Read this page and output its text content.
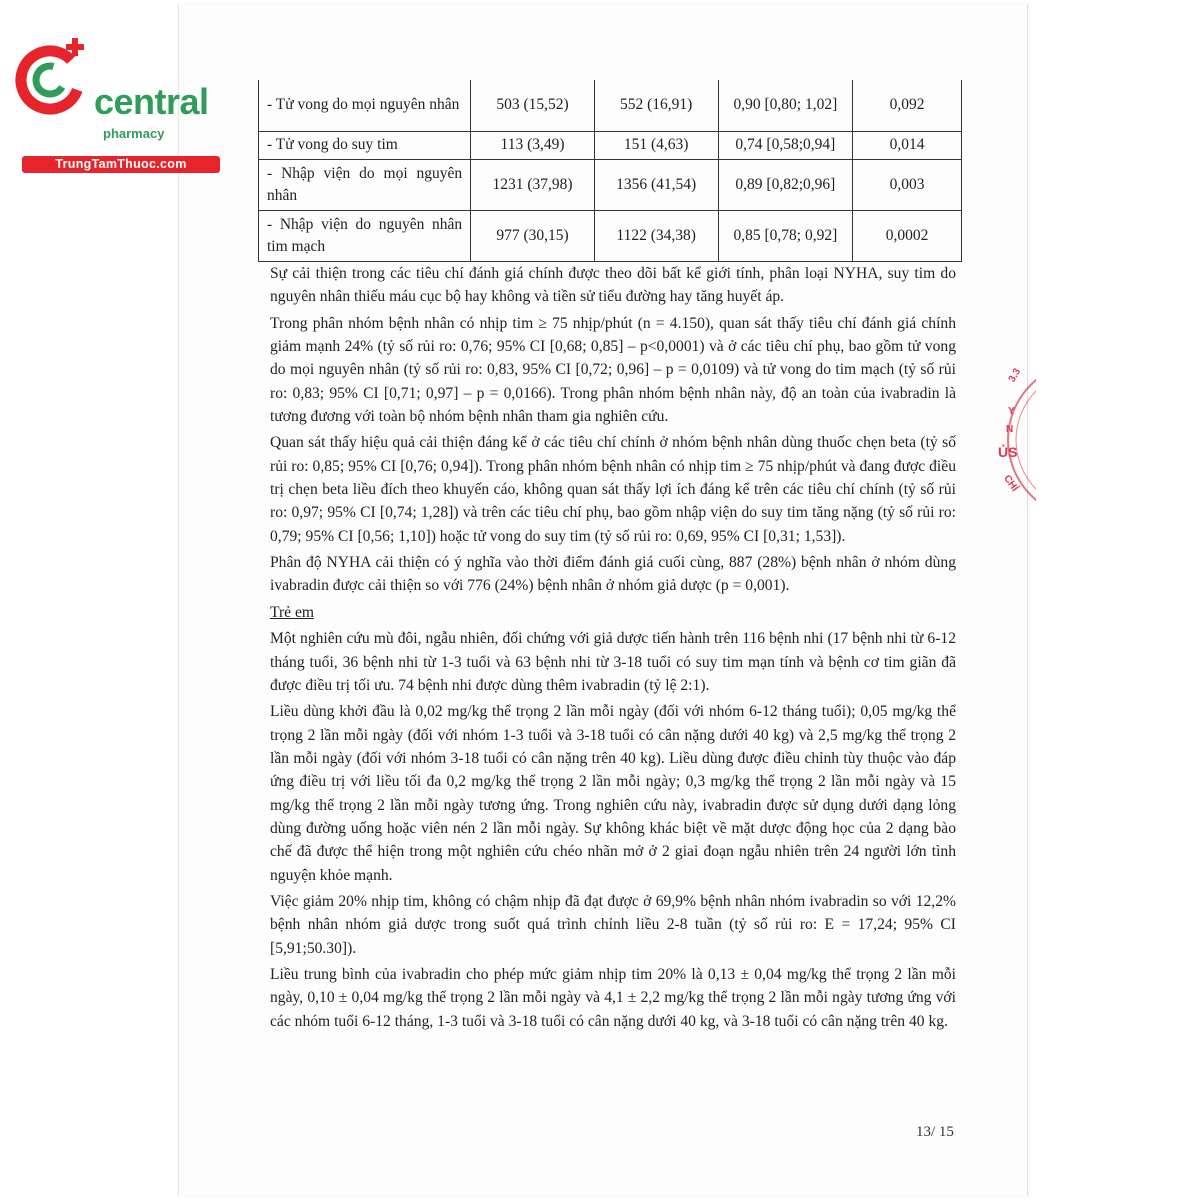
central
pharmacy
TrungTamThuoc.com
- Tử vong do mọi nguyên nhân	503 (15,52)	552 (16,91)	0,90 [0,80; 1,02]	0,092
- Tử vong do suy tim	113 (3,49)	151 (4,63)	0,74 [0,58;0,94]	0,014
- Nhập viện do mọi nguyên nhân	1231 (37,98)	1356 (41,54)	0,89 [0,82;0,96]	0,003
- Nhập viện do nguyên nhân tim mạch	977 (30,15)	1122 (34,38)	0,85 [0,78; 0,92]	0,0002

Sự cải thiện trong các tiêu chí đánh giá chính được theo dõi bất kể giới tính, phân loại NYHA, suy tim do nguyên nhân thiếu máu cục bộ hay không và tiền sử tiểu đường hay tăng huyết áp.

Trong phân nhóm bệnh nhân có nhịp tim ≥ 75 nhịp/phút (n = 4.150), quan sát thấy tiêu chí đánh giá chính giảm mạnh 24% (tỷ số rủi ro: 0,76; 95% CI [0,68; 0,85] – p<0,0001) và ở các tiêu chí phụ, bao gồm tử vong do mọi nguyên nhân (tỷ số rủi ro: 0,83, 95% CI [0,72; 0,96] – p = 0,0109) và tử vong do tim mạch (tỷ số rủi ro: 0,83; 95% CI [0,71; 0,97] – p = 0,0166). Trong phân nhóm bệnh nhân này, độ an toàn của ivabradin là tương đương với toàn bộ nhóm bệnh nhân tham gia nghiên cứu.

Quan sát thấy hiệu quả cải thiện đáng kể ở các tiêu chí chính ở nhóm bệnh nhân dùng thuốc chẹn beta (tỷ số rủi ro: 0,85; 95% CI [0,76; 0,94]). Trong phân nhóm bệnh nhân có nhịp tim ≥ 75 nhịp/phút và đang được điều trị chẹn beta liều đích theo khuyến cáo, không quan sát thấy lợi ích đáng kể trên các tiêu chí chính (tỷ số rủi ro: 0,97; 95% CI [0,74; 1,28]) và trên các tiêu chí phụ, bao gồm nhập viện do suy tim tăng nặng (tỷ số rủi ro: 0,79; 95% CI [0,56; 1,10]) hoặc tử vong do suy tim (tỷ số rủi ro: 0,69, 95% CI [0,31; 1,53]).

Phân độ NYHA cải thiện có ý nghĩa vào thời điểm đánh giá cuối cùng, 887 (28%) bệnh nhân ở nhóm dùng ivabradin được cải thiện so với 776 (24%) bệnh nhân ở nhóm giả dược (p = 0,001).

Trẻ em

Một nghiên cứu mù đôi, ngẫu nhiên, đối chứng với giả dược tiến hành trên 116 bệnh nhi (17 bệnh nhi từ 6-12 tháng tuổi, 36 bệnh nhi từ 1-3 tuổi và 63 bệnh nhi từ 3-18 tuổi có suy tim mạn tính và bệnh cơ tim giãn đã được điều trị tối ưu. 74 bệnh nhi được dùng thêm ivabradin (tỷ lệ 2:1).

Liều dùng khởi đầu là 0,02 mg/kg thể trọng 2 lần mỗi ngày (đối với nhóm 6-12 tháng tuổi); 0,05 mg/kg thể trọng 2 lần mỗi ngày (đối với nhóm 1-3 tuổi và 3-18 tuổi có cân nặng dưới 40 kg) và 2,5 mg/kg thể trọng 2 lần mỗi ngày (đối với nhóm 3-18 tuổi có cân nặng trên 40 kg). Liều dùng được điều chỉnh tùy thuộc vào đáp ứng điều trị với liều tối đa 0,2 mg/kg thể trọng 2 lần mỗi ngày; 0,3 mg/kg thể trọng 2 lần mỗi ngày và 15 mg/kg thể trọng 2 lần mỗi ngày tương ứng. Trong nghiên cứu này, ivabradin được sử dụng dưới dạng lỏng dùng đường uống hoặc viên nén 2 lần mỗi ngày. Sự không khác biệt về mặt dược động học của 2 dạng bào chế đã được thể hiện trong một nghiên cứu chéo nhãn mở ở 2 giai đoạn ngẫu nhiên trên 24 người lớn tình nguyện khỏe mạnh.

Việc giảm 20% nhịp tim, không có chậm nhịp đã đạt được ở 69,9% bệnh nhân nhóm ivabradin so với 12,2% bệnh nhân nhóm giả dược trong suốt quá trình chỉnh liều 2-8 tuần (tỷ số rủi ro: E = 17,24; 95% CI [5,91;50.30]).

Liều trung bình của ivabradin cho phép mức giảm nhịp tim 20% là 0,13 ± 0,04 mg/kg thể trọng 2 lần mỗi ngày, 0,10 ± 0,04 mg/kg thể trọng 2 lần mỗi ngày và 4,1 ± 2,2 mg/kg thể trọng 2 lần mỗi ngày tương ứng với các nhóm tuổi 6-12 tháng, 1-3 tuổi và 3-18 tuổi có cân nặng dưới 40 kg, và 3-18 tuổi có cân nặng trên 40 kg.

13/ 15
3.3
Y
N
ỦS
CHỈ
